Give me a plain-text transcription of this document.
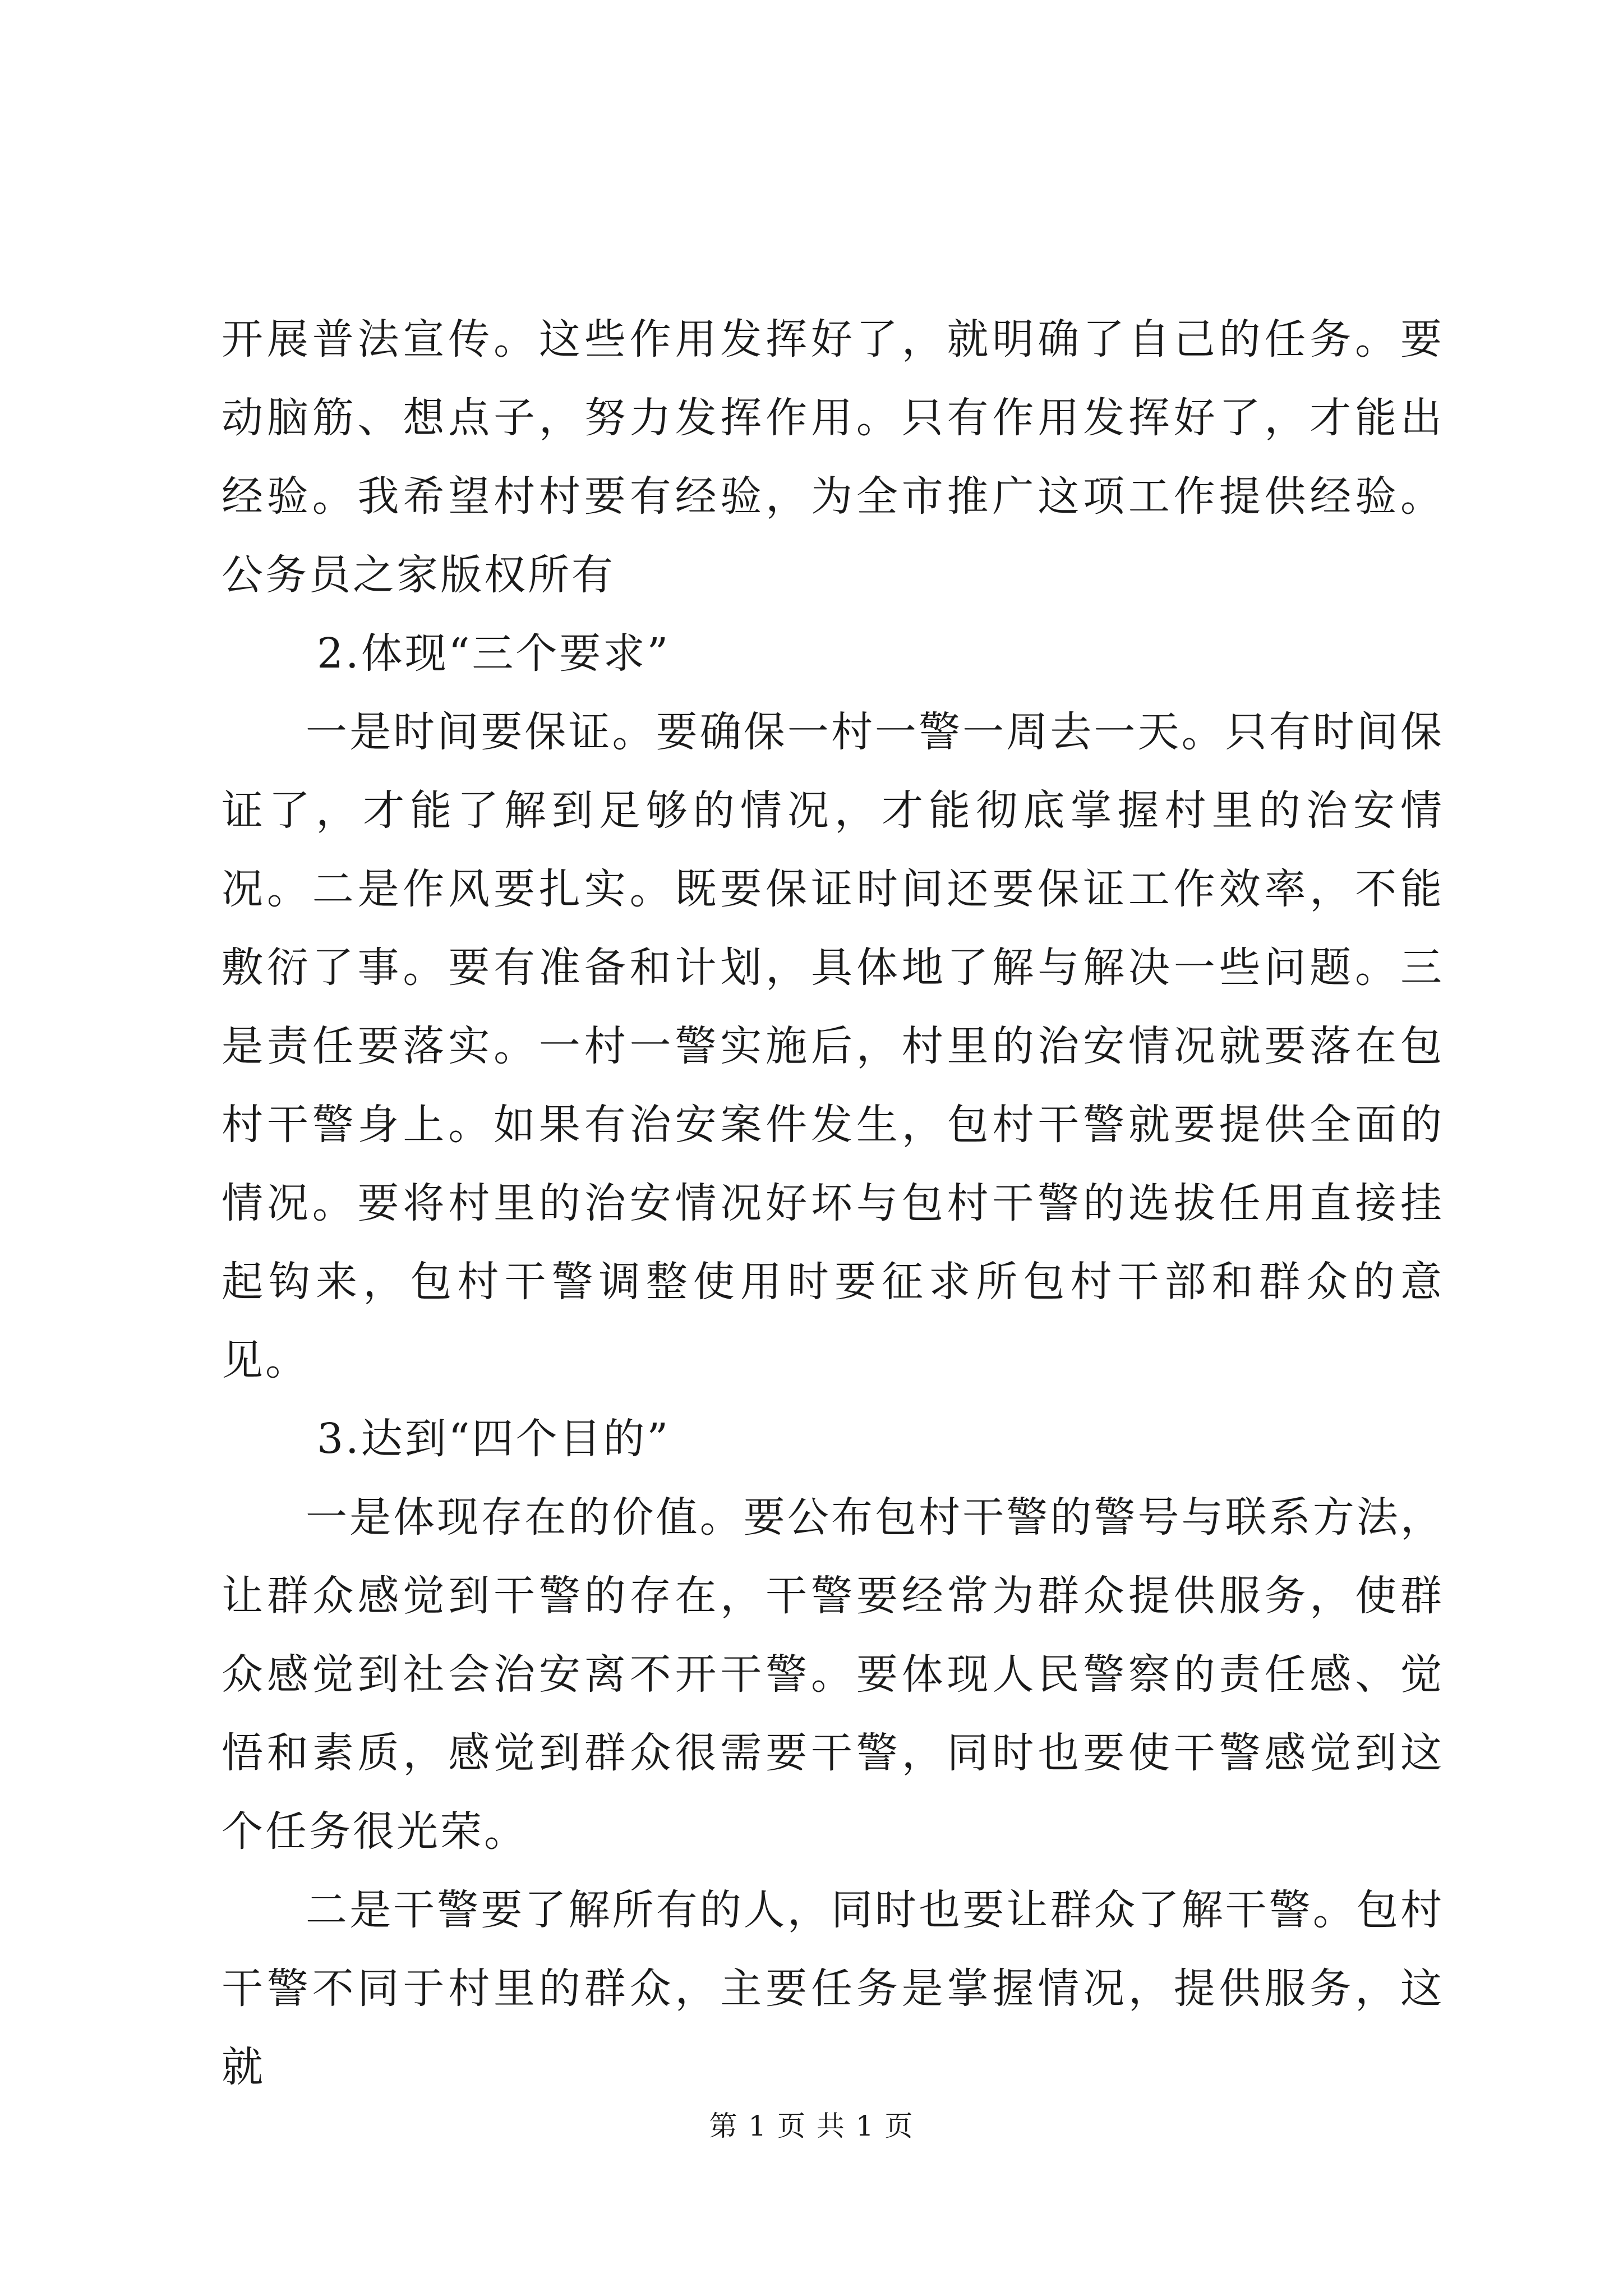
开展普法宣传。这些作用发挥好了，就明确了自己的任务。要动脑筋、想点子，努力发挥作用。只有作用发挥好了，才能出经验。我希望村村要有经验，为全市推广这项工作提供经验。公务员之家版权所有

2.体现“三个要求”

一是时间要保证。要确保一村一警一周去一天。只有时间保证了，才能了解到足够的情况，才能彻底掌握村里的治安情况。二是作风要扎实。既要保证时间还要保证工作效率，不能敷衍了事。要有准备和计划，具体地了解与解决一些问题。三是责任要落实。一村一警实施后，村里的治安情况就要落在包村干警身上。如果有治安案件发生，包村干警就要提供全面的情况。要将村里的治安情况好坏与包村干警的选拔任用直接挂起钩来，包村干警调整使用时要征求所包村干部和群众的意见。

3.达到“四个目的”

一是体现存在的价值。要公布包村干警的警号与联系方法，让群众感觉到干警的存在，干警要经常为群众提供服务，使群众感觉到社会治安离不开干警。要体现人民警察的责任感、觉悟和素质，感觉到群众很需要干警，同时也要使干警感觉到这个任务很光荣。

二是干警要了解所有的人，同时也要让群众了解干警。包村干警不同于村里的群众，主要任务是掌握情况，提供服务，这就

第 1 页 共 1 页
